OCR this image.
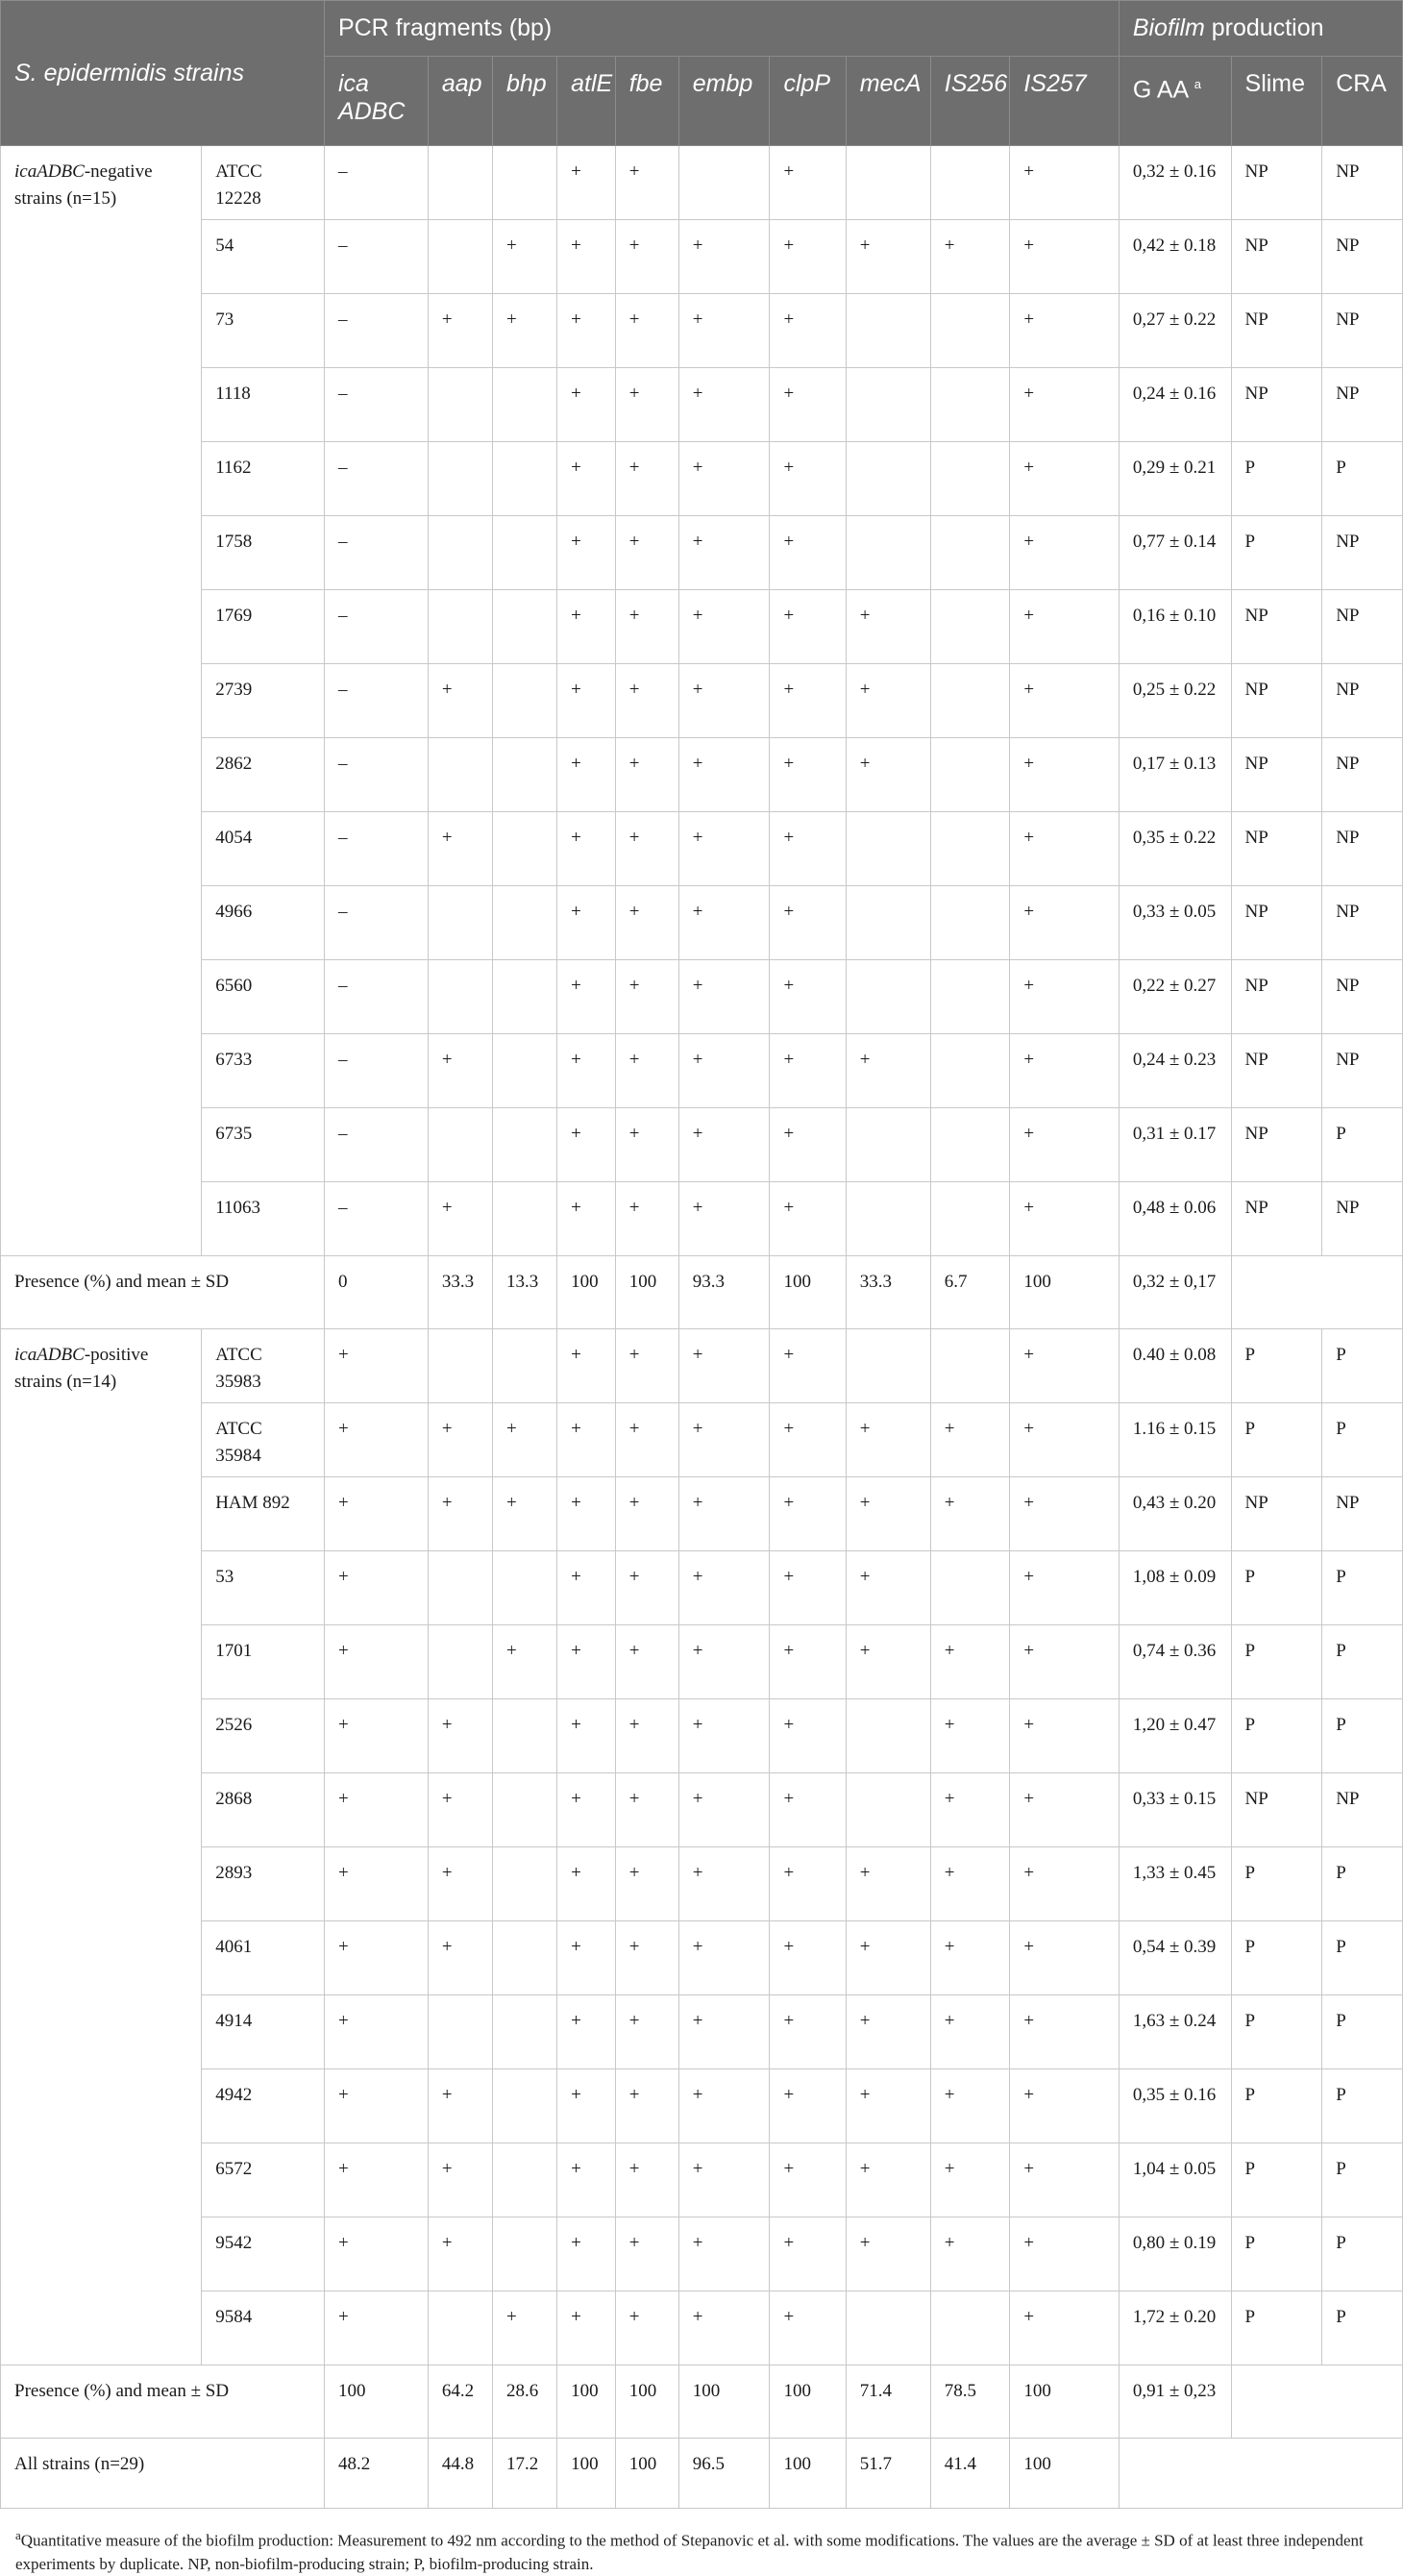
S. epidermidis strains		PCR fragments (bp)										Biofilm production		
		ica ADBC	aap	bhp	atlE	fbe	embp	clpP	mecA	IS256	IS257	G AA $^a$	Slime	CRA
icaADBC-negative strains (n=15)	ATCC 12228	–			+	+		+			+	0,32 ± 0.16	NP	NP
	54	–		+	+	+	+	+	+	+	+	0,42 ± 0.18	NP	NP
	73	–	+	+	+	+	+	+			+	0,27 ± 0.22	NP	NP
	1118	–			+	+	+	+			+	0,24 ± 0.16	NP	NP
	1162	–			+	+	+	+			+	0,29 ± 0.21	P	P
	1758	–			+	+	+	+			+	0,77 ± 0.14	P	NP
	1769	–			+	+	+	+	+		+	0,16 ± 0.10	NP	NP
	2739	–	+		+	+	+	+	+		+	0,25 ± 0.22	NP	NP
	2862	–			+	+	+	+	+		+	0,17 ± 0.13	NP	NP
	4054	–	+		+	+	+	+			+	0,35 ± 0.22	NP	NP
	4966	–			+	+	+	+			+	0,33 ± 0.05	NP	NP
	6560	–			+	+	+	+			+	0,22 ± 0.27	NP	NP
	6733	–	+		+	+	+	+	+		+	0,24 ± 0.23	NP	NP
	6735	–			+	+	+	+			+	0,31 ± 0.17	NP	P
	11063	–	+		+	+	+	+			+	0,48 ± 0.06	NP	NP
Presence (%) and mean ± SD		0	33.3	13.3	100	100	93.3	100	33.3	6.7	100	0,32 ± 0,17		
icaADBC-positive strains (n=14)	ATCC 35983	+			+	+	+	+			+	0.40 ± 0.08	P	P
	ATCC 35984	+	+	+	+	+	+	+	+	+	+	1.16 ± 0.15	P	P
	HAM 892	+	+	+	+	+	+	+	+	+	+	0,43 ± 0.20	NP	NP
	53	+			+	+	+	+	+		+	1,08 ± 0.09	P	P
	1701	+		+	+	+	+	+	+	+	+	0,74 ± 0.36	P	P
	2526	+	+		+	+	+	+		+	+	1,20 ± 0.47	P	P
	2868	+	+		+	+	+	+		+	+	0,33 ± 0.15	NP	NP
	2893	+	+		+	+	+	+	+	+	+	1,33 ± 0.45	P	P
	4061	+	+		+	+	+	+	+	+	+	0,54 ± 0.39	P	P
	4914	+			+	+	+	+	+	+	+	1,63 ± 0.24	P	P
	4942	+	+		+	+	+	+	+	+	+	0,35 ± 0.16	P	P
	6572	+	+		+	+	+	+	+	+	+	1,04 ± 0.05	P	P
	9542	+	+		+	+	+	+	+	+	+	0,80 ± 0.19	P	P
	9584	+		+	+	+	+	+			+	1,72 ± 0.20	P	P
Presence (%) and mean ± SD		100	64.2	28.6	100	100	100	100	71.4	78.5	100	0,91 ± 0,23		
All strains (n=29)		48.2	44.8	17.2	100	100	96.5	100	51.7	41.4	100			
$^a$Quantitative measure of the biofilm production: Measurement to 492 nm according to the method of Stepanovic et al. with some modifications. The values are the average ± SD of at least three independent experiments by duplicate. NP, non-biofilm-producing strain; P, biofilm-producing strain.
